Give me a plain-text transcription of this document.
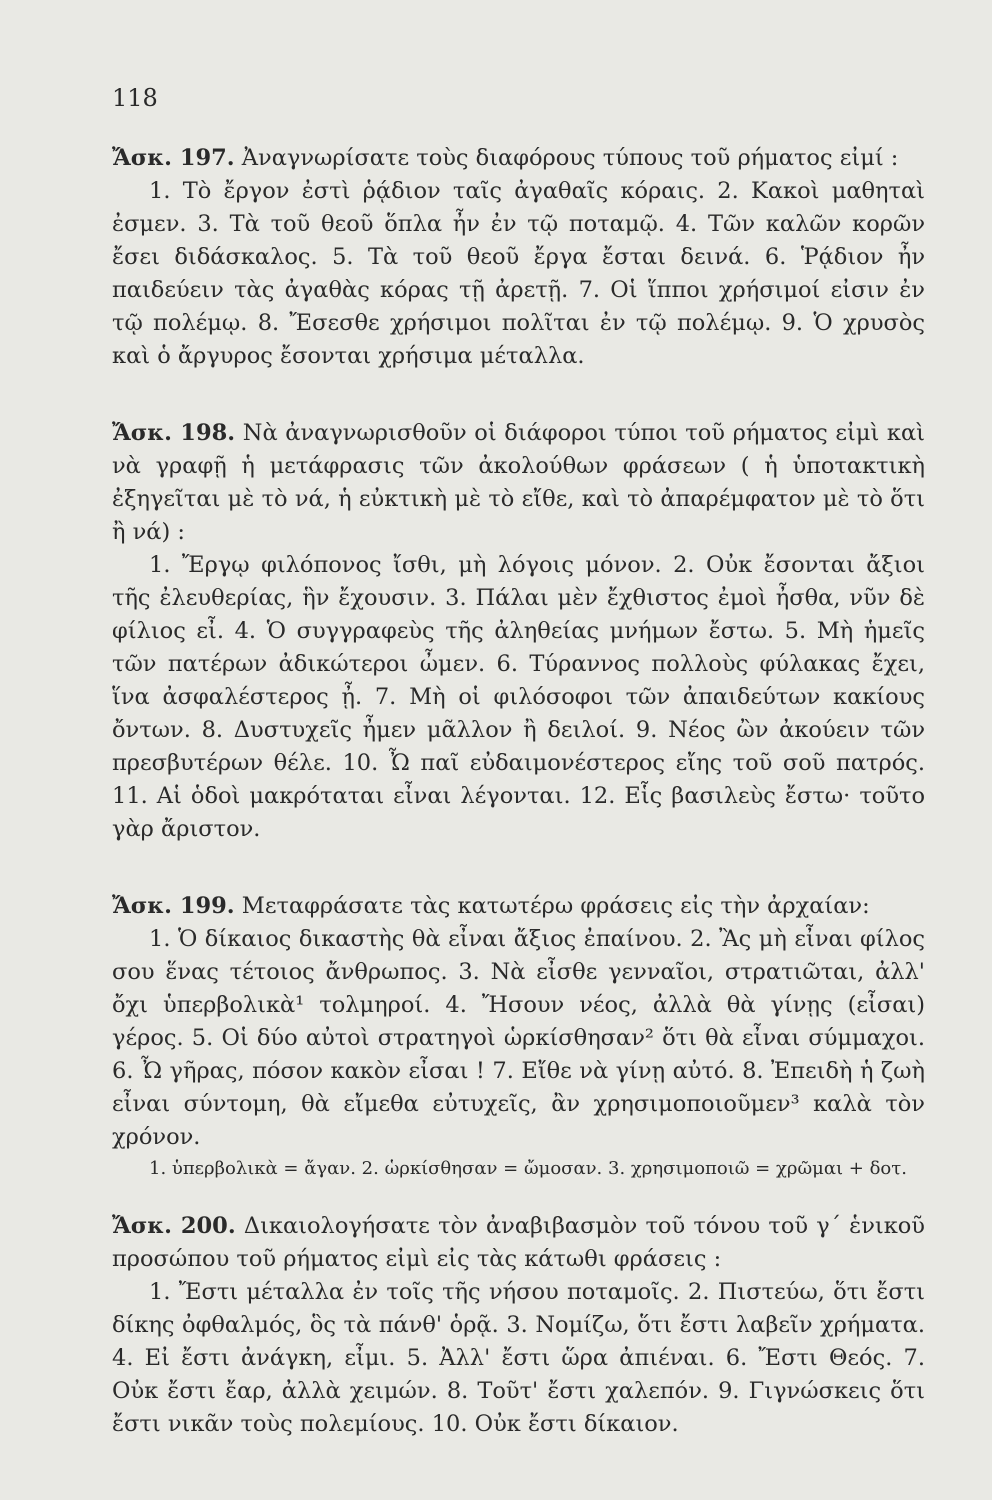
118

Ἄσκ. 197. Ἀναγνωρίσατε τοὺς διαφόρους τύπους τοῦ ρήματος εἰμί :

1. Τὸ ἔργον ἐστὶ ῥᾴδιον ταῖς ἀγαθαῖς κόραις. 2. Κακοὶ μαθηταὶ ἐσμεν. 3. Τὰ τοῦ θεοῦ ὅπλα ἦν ἐν τῷ ποταμῷ. 4. Τῶν καλῶν κορῶν ἔσει διδάσκαλος. 5. Τὰ τοῦ θεοῦ ἔργα ἔσται δεινά. 6. Ῥᾴδιον ἦν παιδεύειν τὰς ἀγαθὰς κόρας τῇ ἀρετῇ. 7. Οἱ ἵπποι χρήσιμοί εἰσιν ἐν τῷ πολέμῳ. 8. Ἔσεσθε χρήσιμοι πολῖται ἐν τῷ πολέμῳ. 9. Ὁ χρυσὸς καὶ ὁ ἄργυρος ἔσονται χρήσιμα μέταλλα.

Ἄσκ. 198. Νὰ ἀναγνωρισθοῦν οἱ διάφοροι τύποι τοῦ ρήματος εἰμὶ καὶ νὰ γραφῇ ἡ μετάφρασις τῶν ἀκολούθων φράσεων ( ἡ ὑποτακτικὴ ἐξηγεῖται μὲ τὸ νά, ἡ εὐκτικὴ μὲ τὸ εἴθε, καὶ τὸ ἀπαρέμφατον μὲ τὸ ὅτι ἢ νά) :

1. Ἔργῳ φιλόπονος ἴσθι, μὴ λόγοις μόνον. 2. Οὐκ ἔσονται ἄξιοι τῆς ἐλευθερίας, ἣν ἔχουσιν. 3. Πάλαι μὲν ἔχθιστος ἐμοὶ ἦσθα, νῦν δὲ φίλιος εἶ. 4. Ὁ συγγραφεὺς τῆς ἀληθείας μνήμων ἔστω. 5. Μὴ ἡμεῖς τῶν πατέρων ἀδικώτεροι ὦμεν. 6. Τύραννος πολλοὺς φύλακας ἔχει, ἵνα ἀσφαλέστερος ᾖ. 7. Μὴ οἱ φιλόσοφοι τῶν ἀπαιδεύτων κακίους ὄντων. 8. Δυστυχεῖς ἦμεν μᾶλλον ἢ δειλοί. 9. Νέος ὢν ἀκούειν τῶν πρεσβυτέρων θέλε. 10. Ὦ παῖ εὐδαιμονέστερος εἴης τοῦ σοῦ πατρός. 11. Αἱ ὁδοὶ μακρόταται εἶναι λέγονται. 12. Εἷς βασιλεὺς ἔστω· τοῦτο γὰρ ἄριστον.

Ἄσκ. 199. Μεταφράσατε τὰς κατωτέρω φράσεις εἰς τὴν ἀρχαίαν:

1. Ὁ δίκαιος δικαστὴς θὰ εἶναι ἄξιος ἐπαίνου. 2. Ἂς μὴ εἶναι φίλος σου ἕνας τέτοιος ἄνθρωπος. 3. Νὰ εἶσθε γενναῖοι, στρατιῶται, ἀλλ' ὄχι ὑπερβολικὰ¹ τολμηροί. 4. Ἤσουν νέος, ἀλλὰ θὰ γίνῃς (εἶσαι) γέρος. 5. Οἱ δύο αὐτοὶ στρατηγοὶ ὡρκίσθησαν² ὅτι θὰ εἶναι σύμμαχοι. 6. Ὦ γῆρας, πόσον κακὸν εἶσαι ! 7. Εἴθε νὰ γίνῃ αὐτό. 8. Ἐπειδὴ ἡ ζωὴ εἶναι σύντομη, θὰ εἴμεθα εὐτυχεῖς, ἂν χρησιμοποιοῦμεν³ καλὰ τὸν χρόνον.

1. ὑπερβολικὰ = ἄγαν. 2. ὡρκίσθησαν = ὤμοσαν. 3. χρησιμοποιῶ = χρῶμαι + δοτ.

Ἄσκ. 200. Δικαιολογήσατε τὸν ἀναβιβασμὸν τοῦ τόνου τοῦ γ´ ἑνικοῦ προσώπου τοῦ ρήματος εἰμὶ εἰς τὰς κάτωθι φράσεις :

1. Ἔστι μέταλλα ἐν τοῖς τῆς νήσου ποταμοῖς. 2. Πιστεύω, ὅτι ἔστι δίκης ὀφθαλμός, ὃς τὰ πάνθ' ὁρᾷ. 3. Νομίζω, ὅτι ἔστι λαβεῖν χρήματα. 4. Εἰ ἔστι ἀνάγκη, εἶμι. 5. Ἀλλ' ἔστι ὥρα ἀπιέναι. 6. Ἔστι Θεός. 7. Οὐκ ἔστι ἔαρ, ἀλλὰ χειμών. 8. Τοῦτ' ἔστι χαλεπόν. 9. Γιγνώσκεις ὅτι ἔστι νικᾶν τοὺς πολεμίους. 10. Οὐκ ἔστι δίκαιον.
